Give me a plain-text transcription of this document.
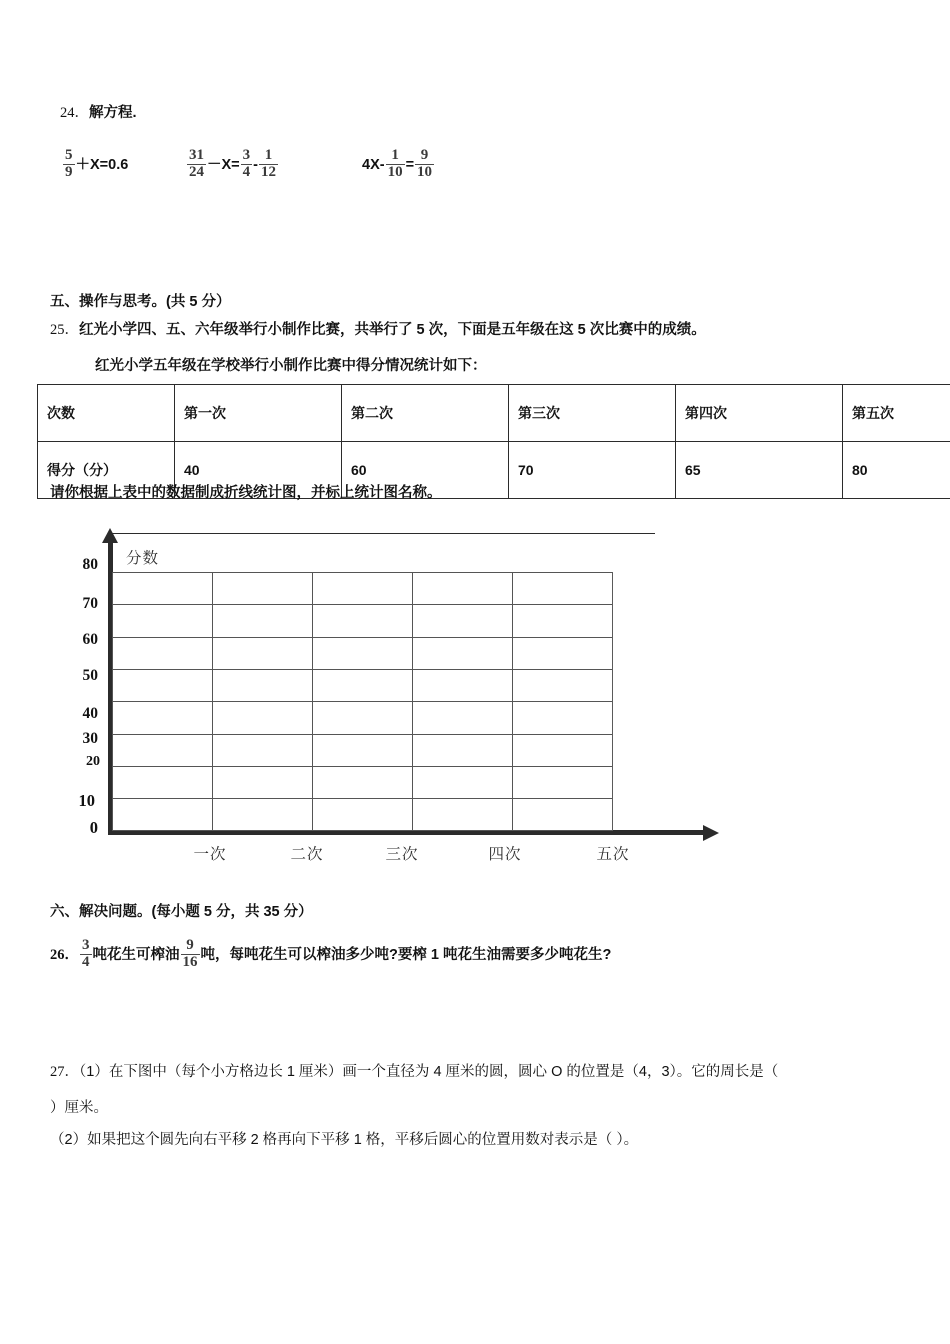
24．解方程.
$\frac{5}{9} +X=0.6$	$\frac{31}{24} -X= \frac{3}{4} - \frac{1}{12}$	$4X- \frac{1}{10} = \frac{9}{10}$
五、操作与思考。(共 5 分）
25．红光小学四、五、六年级举行小制作比赛，共举行了 5 次，下面是五年级在这 5 次比赛中的成绩。
红光小学五年级在学校举行小制作比赛中得分情况统计如下：
次数	第一次	第二次	第三次	第四次	第五次
得分（分）	40	60	70	65	80
请你根据上表中的数据制成折线统计图，并标上统计图名称。
分数
80
70
60
50
40
30
20
10
0
一次	二次	三次	四次	五次
六、解决问题。(每小题 5 分，共 35 分）
26． $\frac{3}{4}$ 吨花生可榨油 $\frac{9}{16}$ 吨，每吨花生可以榨油多少吨?要榨 1 吨花生油需要多少吨花生?
27．（1）在下图中（每个小方格边长 1 厘米）画一个直径为 4 厘米的圆，圆心 O 的位置是（4，3）。它的周长是（
）厘米。
（2）如果把这个圆先向右平移 2 格再向下平移 1 格，平移后圆心的位置用数对表示是（ ）。
